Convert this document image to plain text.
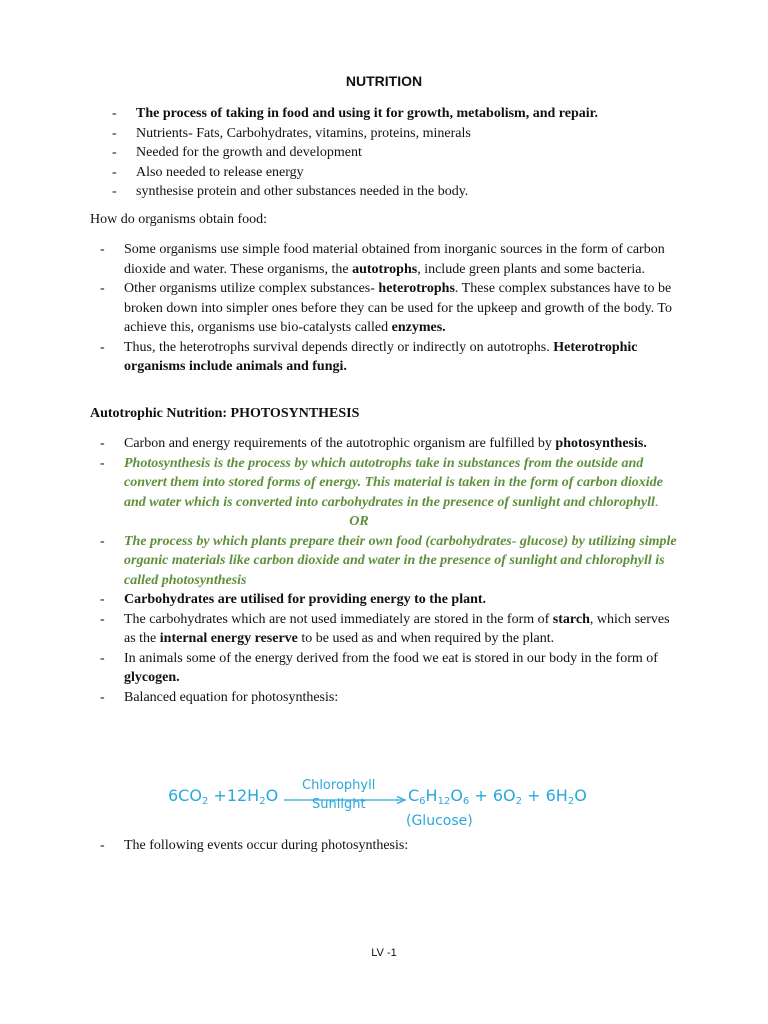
NUTRITION
- The process of taking in food and using it for growth, metabolism, and repair.
- Nutrients- Fats, Carbohydrates, vitamins, proteins, minerals
- Needed for the growth and development
- Also needed to release energy
- synthesise protein and other substances needed in the body.
How do organisms obtain food:
- Some organisms use simple food material obtained from inorganic sources in the form of carbon dioxide and water. These organisms, the autotrophs, include green plants and some bacteria.
- Other organisms utilize complex substances- heterotrophs. These complex substances have to be broken down into simpler ones before they can be used for the upkeep and growth of the body. To achieve this, organisms use bio-catalysts called enzymes.
- Thus, the heterotrophs survival depends directly or indirectly on autotrophs. Heterotrophic organisms include animals and fungi.
Autotrophic Nutrition: PHOTOSYNTHESIS
- Carbon and energy requirements of the autotrophic organism are fulfilled by photosynthesis.
- Photosynthesis is the process by which autotrophs take in substances from the outside and convert them into stored forms of energy. This material is taken in the form of carbon dioxide and water which is converted into carbohydrates in the presence of sunlight and chlorophyll.
OR
- The process by which plants prepare their own food (carbohydrates- glucose) by utilizing simple organic materials like carbon dioxide and water in the presence of sunlight and chlorophyll is called photosynthesis
- Carbohydrates are utilised for providing energy to the plant.
- The carbohydrates which are not used immediately are stored in the form of starch, which serves as the internal energy reserve to be used as and when required by the plant.
- In animals some of the energy derived from the food we eat is stored in our body in the form of glycogen.
- Balanced equation for photosynthesis:
$6CO_2 +12H_2O$
Chlorophyll
Sunlight	$C_6H_{12}O_6 + 6O_2 + 6H_2O$
(Glucose)
- The following events occur during photosynthesis:
LV -1
